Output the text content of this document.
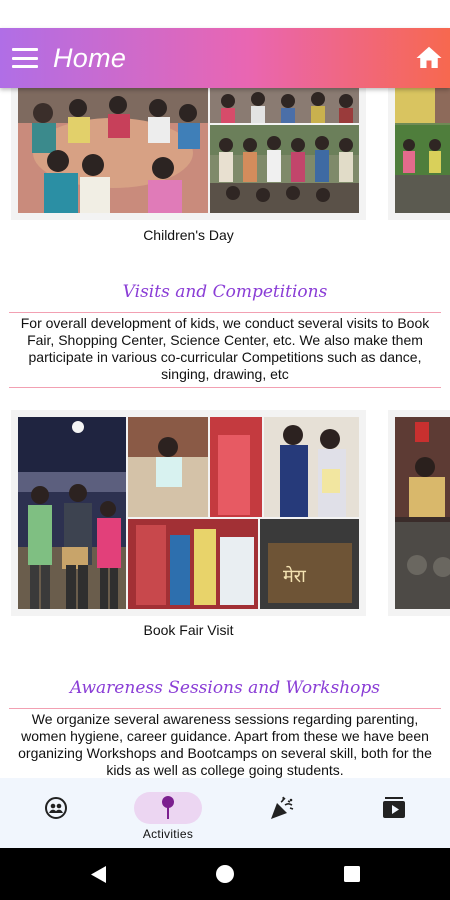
Home
Children's Day
Visits and Competitions
For overall development of kids, we conduct several visits to Book Fair, Shopping Center, Science Center, etc. We also make them participate in various co-curricular Competitions such as dance, singing, drawing, etc
मेरा
Book Fair Visit
Awareness Sessions and Workshops
We organize several awareness sessions regarding parenting, women hygiene, career guidance. Apart from these we have been organizing Workshops and Bootcamps on several skill, both for the kids as well as college going students.
Activities
